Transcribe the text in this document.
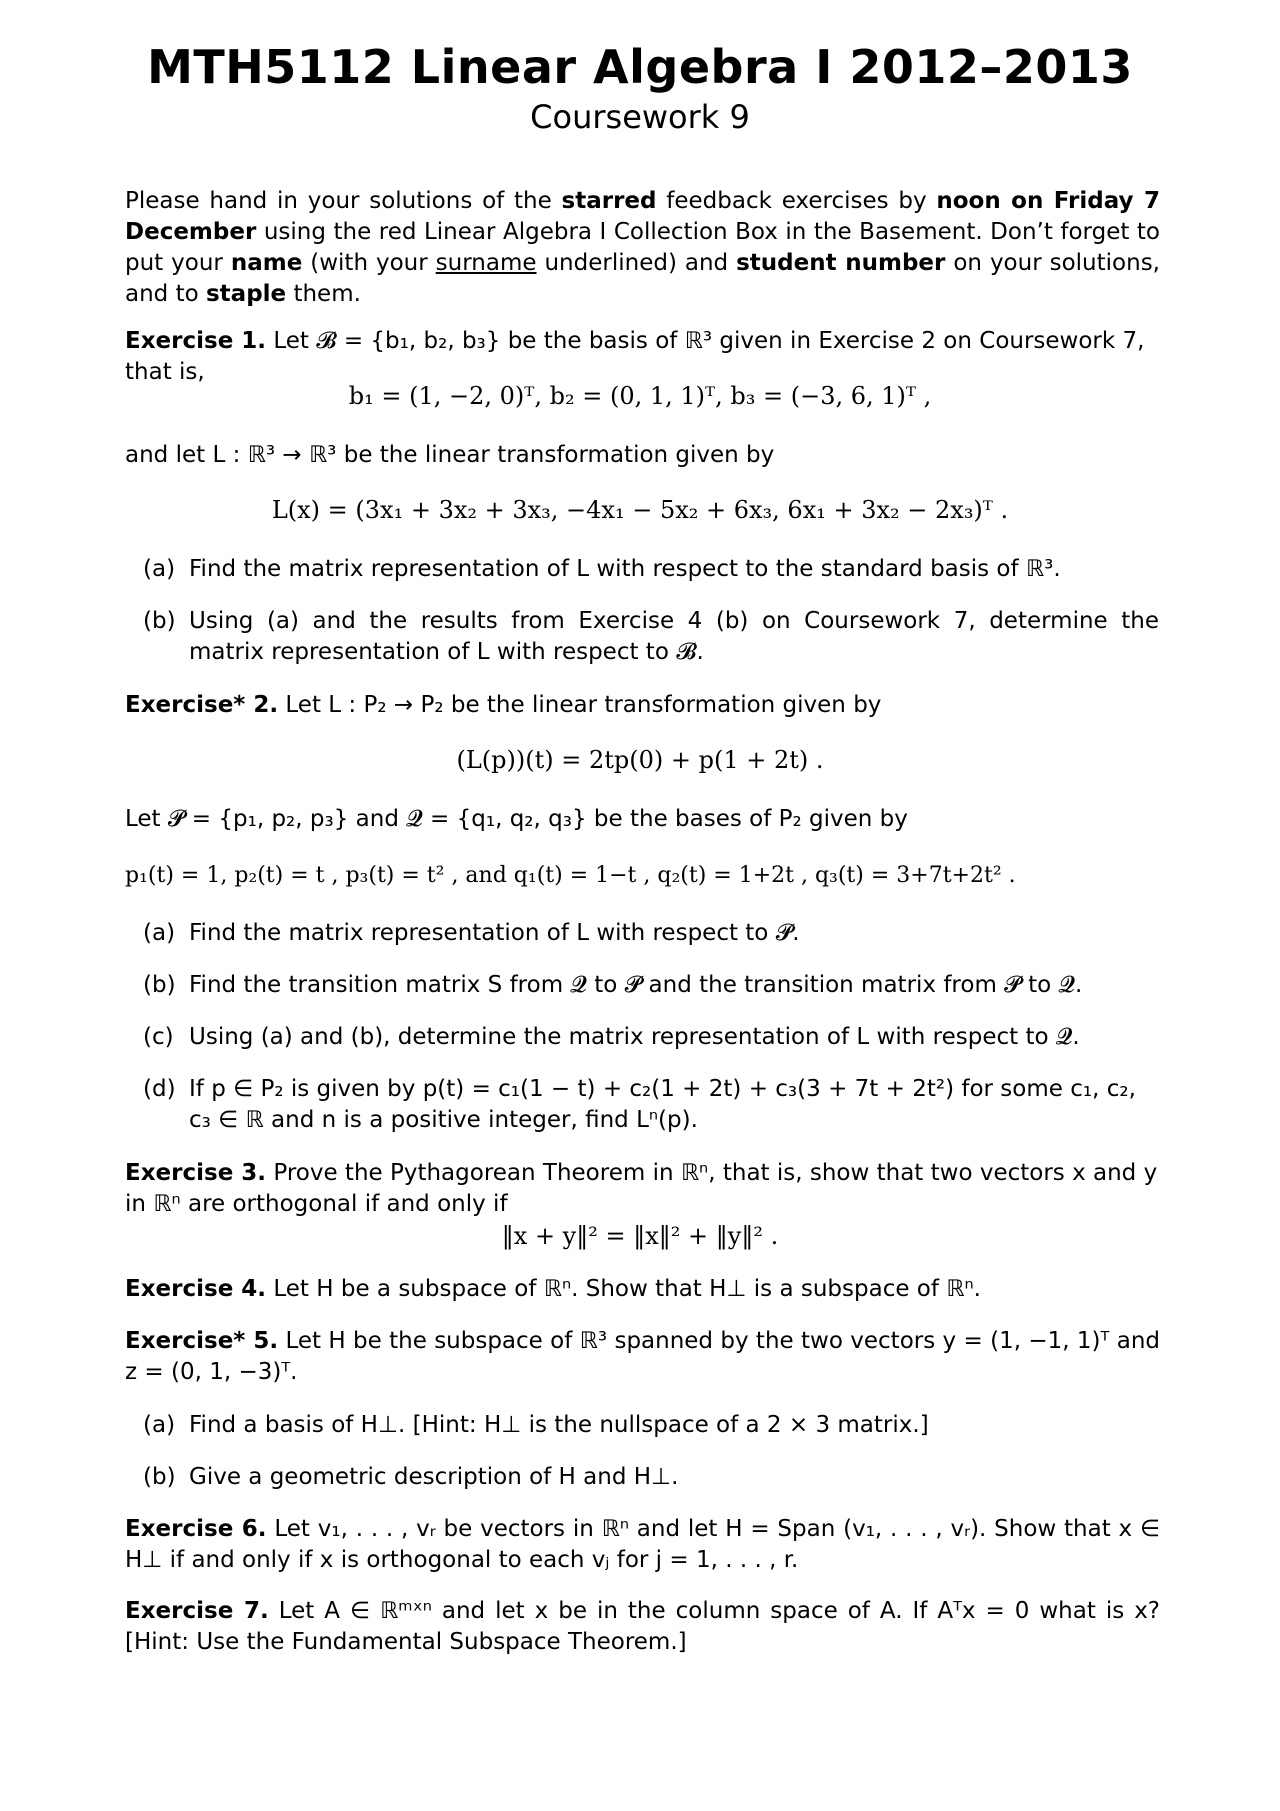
MTH5112 Linear Algebra I 2012–2013
Coursework 9
Please hand in your solutions of the starred feedback exercises by noon on Friday 7 December using the red Linear Algebra I Collection Box in the Basement. Don’t forget to put your name (with your surname underlined) and student number on your solutions, and to staple them.
Exercise 1. Let 𝓑 = {b₁, b₂, b₃} be the basis of ℝ³ given in Exercise 2 on Coursework 7, that is,
b₁ = (1, −2, 0)ᵀ, b₂ = (0, 1, 1)ᵀ, b₃ = (−3, 6, 1)ᵀ ,
and let L : ℝ³ → ℝ³ be the linear transformation given by
L(x) = (3x₁ + 3x₂ + 3x₃, −4x₁ − 5x₂ + 6x₃, 6x₁ + 3x₂ − 2x₃)ᵀ .
(a) Find the matrix representation of L with respect to the standard basis of ℝ³.
(b) Using (a) and the results from Exercise 4 (b) on Coursework 7, determine the matrix representation of L with respect to 𝓑.
Exercise* 2. Let L : P₂ → P₂ be the linear transformation given by
(L(p))(t) = 2tp(0) + p(1 + 2t) .
Let 𝓟 = {p₁, p₂, p₃} and 𝓠 = {q₁, q₂, q₃} be the bases of P₂ given by
p₁(t) = 1, p₂(t) = t , p₃(t) = t² , and q₁(t) = 1−t , q₂(t) = 1+2t , q₃(t) = 3+7t+2t² .
(a) Find the matrix representation of L with respect to 𝓟.
(b) Find the transition matrix S from 𝓠 to 𝓟 and the transition matrix from 𝓟 to 𝓠.
(c) Using (a) and (b), determine the matrix representation of L with respect to 𝓠.
(d) If p ∈ P₂ is given by p(t) = c₁(1 − t) + c₂(1 + 2t) + c₃(3 + 7t + 2t²) for some c₁, c₂, c₃ ∈ ℝ and n is a positive integer, find Lⁿ(p).
Exercise 3. Prove the Pythagorean Theorem in ℝⁿ, that is, show that two vectors x and y in ℝⁿ are orthogonal if and only if
‖x + y‖² = ‖x‖² + ‖y‖² .
Exercise 4. Let H be a subspace of ℝⁿ. Show that H⊥ is a subspace of ℝⁿ.
Exercise* 5. Let H be the subspace of ℝ³ spanned by the two vectors y = (1, −1, 1)ᵀ and z = (0, 1, −3)ᵀ.
(a) Find a basis of H⊥. [Hint: H⊥ is the nullspace of a 2 × 3 matrix.]
(b) Give a geometric description of H and H⊥.
Exercise 6. Let v₁, . . . , vᵣ be vectors in ℝⁿ and let H = Span (v₁, . . . , vᵣ). Show that x ∈ H⊥ if and only if x is orthogonal to each vⱼ for j = 1, . . . , r.
Exercise 7. Let A ∈ ℝᵐˣⁿ and let x be in the column space of A. If Aᵀx = 0 what is x? [Hint: Use the Fundamental Subspace Theorem.]
